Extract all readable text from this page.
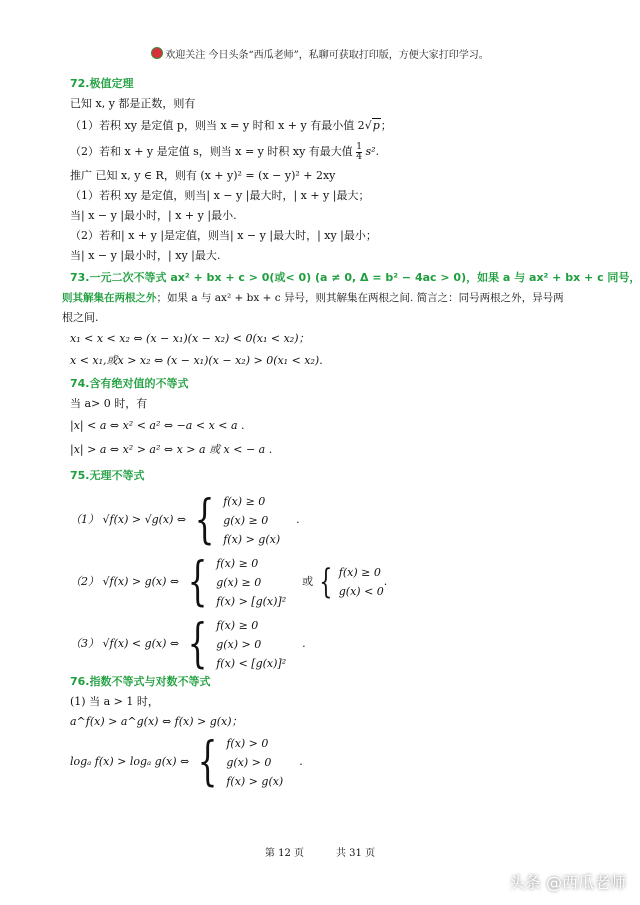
欢迎关注 今日头条“西瓜老师”，私聊可获取打印版，方便大家打印学习。
72.极值定理
已知 x, y 都是正数，则有
（1）若积 xy 是定值 p，则当 x = y 时和 x + y 有最小值 2√p；
（2）若和 x + y 是定值 s，则当 x = y 时积 xy 有最大值 $\frac{1}{4} s^2$.
推广 已知 x, y ∈ R，则有 (x + y)² = (x − y)² + 2xy
（1）若积 xy 是定值，则当| x − y |最大时，| x + y |最大；
当| x − y |最小时，| x + y |最小.
（2）若和| x + y |是定值，则当| x − y |最大时，| xy |最小；
当| x − y |最小时，| xy |最大.
73.一元二次不等式 ax² + bx + c > 0(或< 0) (a ≠ 0, Δ = b² − 4ac > 0)，如果 a 与 ax² + bx + c 同号，
则其解集在两根之外；如果 a 与 ax² + bx + c 异号，则其解集在两根之间. 简言之：同号两根之外，异号两
根之间.
x₁ < x < x₂ ⇔ (x − x₁)(x − x₂) < 0(x₁ < x₂)；
x < x₁,或x > x₂ ⇔ (x − x₁)(x − x₂) > 0(x₁ < x₂).
74.含有绝对值的不等式
当 a> 0 时，有
|x| < a ⇔ x² < a² ⇔ −a < x < a .
|x| > a ⇔ x² > a² ⇔ x > a 或 x < − a .
75.无理不等式
（1） √f(x) > √g(x) ⇔ { f(x) ≥ 0
g(x) ≥ 0
f(x) > g(x)
.
（2） √f(x) > g(x) ⇔ { f(x) ≥ 0
g(x) ≥ 0
f(x) > [g(x)]²
或 { f(x) ≥ 0
g(x) < 0
.
（3） √f(x) < g(x) ⇔ { f(x) ≥ 0
g(x) > 0
f(x) < [g(x)]²
.
76.指数不等式与对数不等式
(1) 当 a > 1 时，
a^f(x) > a^g(x) ⇔ f(x) > g(x)；
logₐ f(x) > logₐ g(x) ⇔ { f(x) > 0
g(x) > 0
f(x) > g(x)
.
第 12 页	共 31 页
头条 @西瓜老师
